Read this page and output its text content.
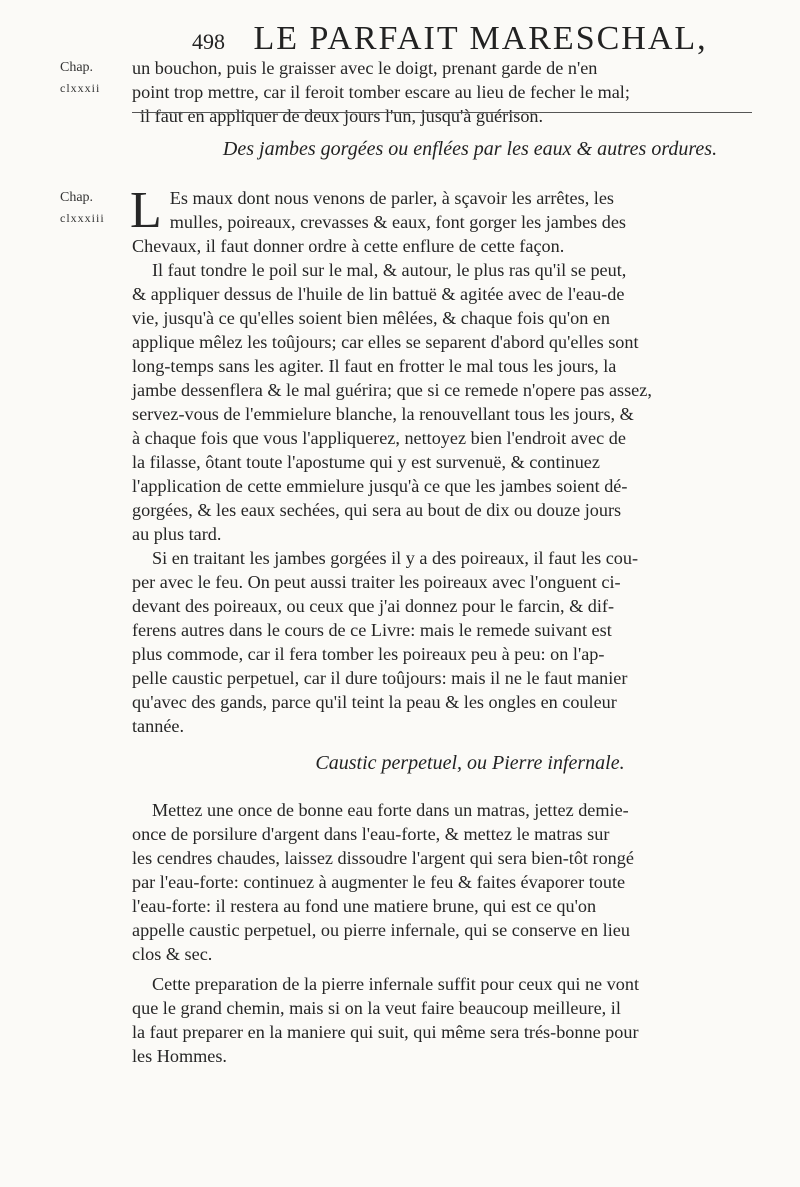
498 LE PARFAIT MARESCHAL,
Chap.
clxxxii

un bouchon, puis le graisser avec le doigt, prenant garde de n'en

point trop mettre, car il feroit tomber escare au lieu de fecher le mal;

il faut en appliquer de deux jours l'un, jusqu'à guérison.

Des jambes gorgées ou enflées par les eaux & autres ordures.
Chap.
clxxxiii L Es maux dont nous venons de parler, à sçavoir les arrêtes, les

mulles, poireaux, crevasses & eaux, font gorger les jambes des

Chevaux, il faut donner ordre à cette enflure de cette façon.

Il faut tondre le poil sur le mal, & autour, le plus ras qu'il se peut,

& appliquer dessus de l'huile de lin battuë & agitée avec de l'eau-de

vie, jusqu'à ce qu'elles soient bien mêlées, & chaque fois qu'on en

applique mêlez les toûjours; car elles se separent d'abord qu'elles sont

long-temps sans les agiter. Il faut en frotter le mal tous les jours, la

jambe dessenflera & le mal guérira; que si ce remede n'opere pas assez,

servez-vous de l'emmielure blanche, la renouvellant tous les jours, &

à chaque fois que vous l'appliquerez, nettoyez bien l'endroit avec de

la filasse, ôtant toute l'apostume qui y est survenuë, & continuez

l'application de cette emmielure jusqu'à ce que les jambes soient dé-

gorgées, & les eaux sechées, qui sera au bout de dix ou douze jours

au plus tard.

Si en traitant les jambes gorgées il y a des poireaux, il faut les cou-

per avec le feu. On peut aussi traiter les poireaux avec l'onguent ci-

devant des poireaux, ou ceux que j'ai donnez pour le farcin, & dif-

ferens autres dans le cours de ce Livre: mais le remede suivant est

plus commode, car il fera tomber les poireaux peu à peu: on l'ap-

pelle caustic perpetuel, car il dure toûjours: mais il ne le faut manier

qu'avec des gands, parce qu'il teint la peau & les ongles en couleur

tannée.

Caustic perpetuel, ou Pierre infernale.

Mettez une once de bonne eau forte dans un matras, jettez demie-

once de porsilure d'argent dans l'eau-forte, & mettez le matras sur

les cendres chaudes, laissez dissoudre l'argent qui sera bien-tôt rongé

par l'eau-forte: continuez à augmenter le feu & faites évaporer toute

l'eau-forte: il restera au fond une matiere brune, qui est ce qu'on

appelle caustic perpetuel, ou pierre infernale, qui se conserve en lieu

clos & sec.

Cette preparation de la pierre infernale suffit pour ceux qui ne vont

que le grand chemin, mais si on la veut faire beaucoup meilleure, il

la faut preparer en la maniere qui suit, qui même sera trés-bonne pour

les Hommes.
